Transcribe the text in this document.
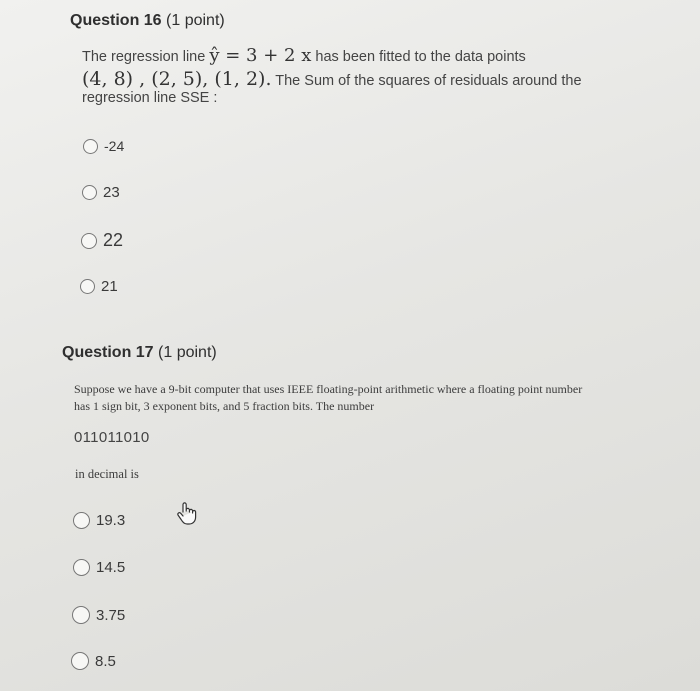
Question 16 (1 point)
The regression line ŷ = 3 + 2 x has been fitted to the data points
(4, 8) , (2, 5), (1, 2). The Sum of the squares of residuals around the
regression line SSE :
-24
23
22
21
Question 17 (1 point)
Suppose we have a 9-bit computer that uses IEEE floating-point arithmetic where a floating point number
has 1 sign bit, 3 exponent bits, and 5 fraction bits. The number
011011010
in decimal is
19.3
14.5
3.75
8.5
